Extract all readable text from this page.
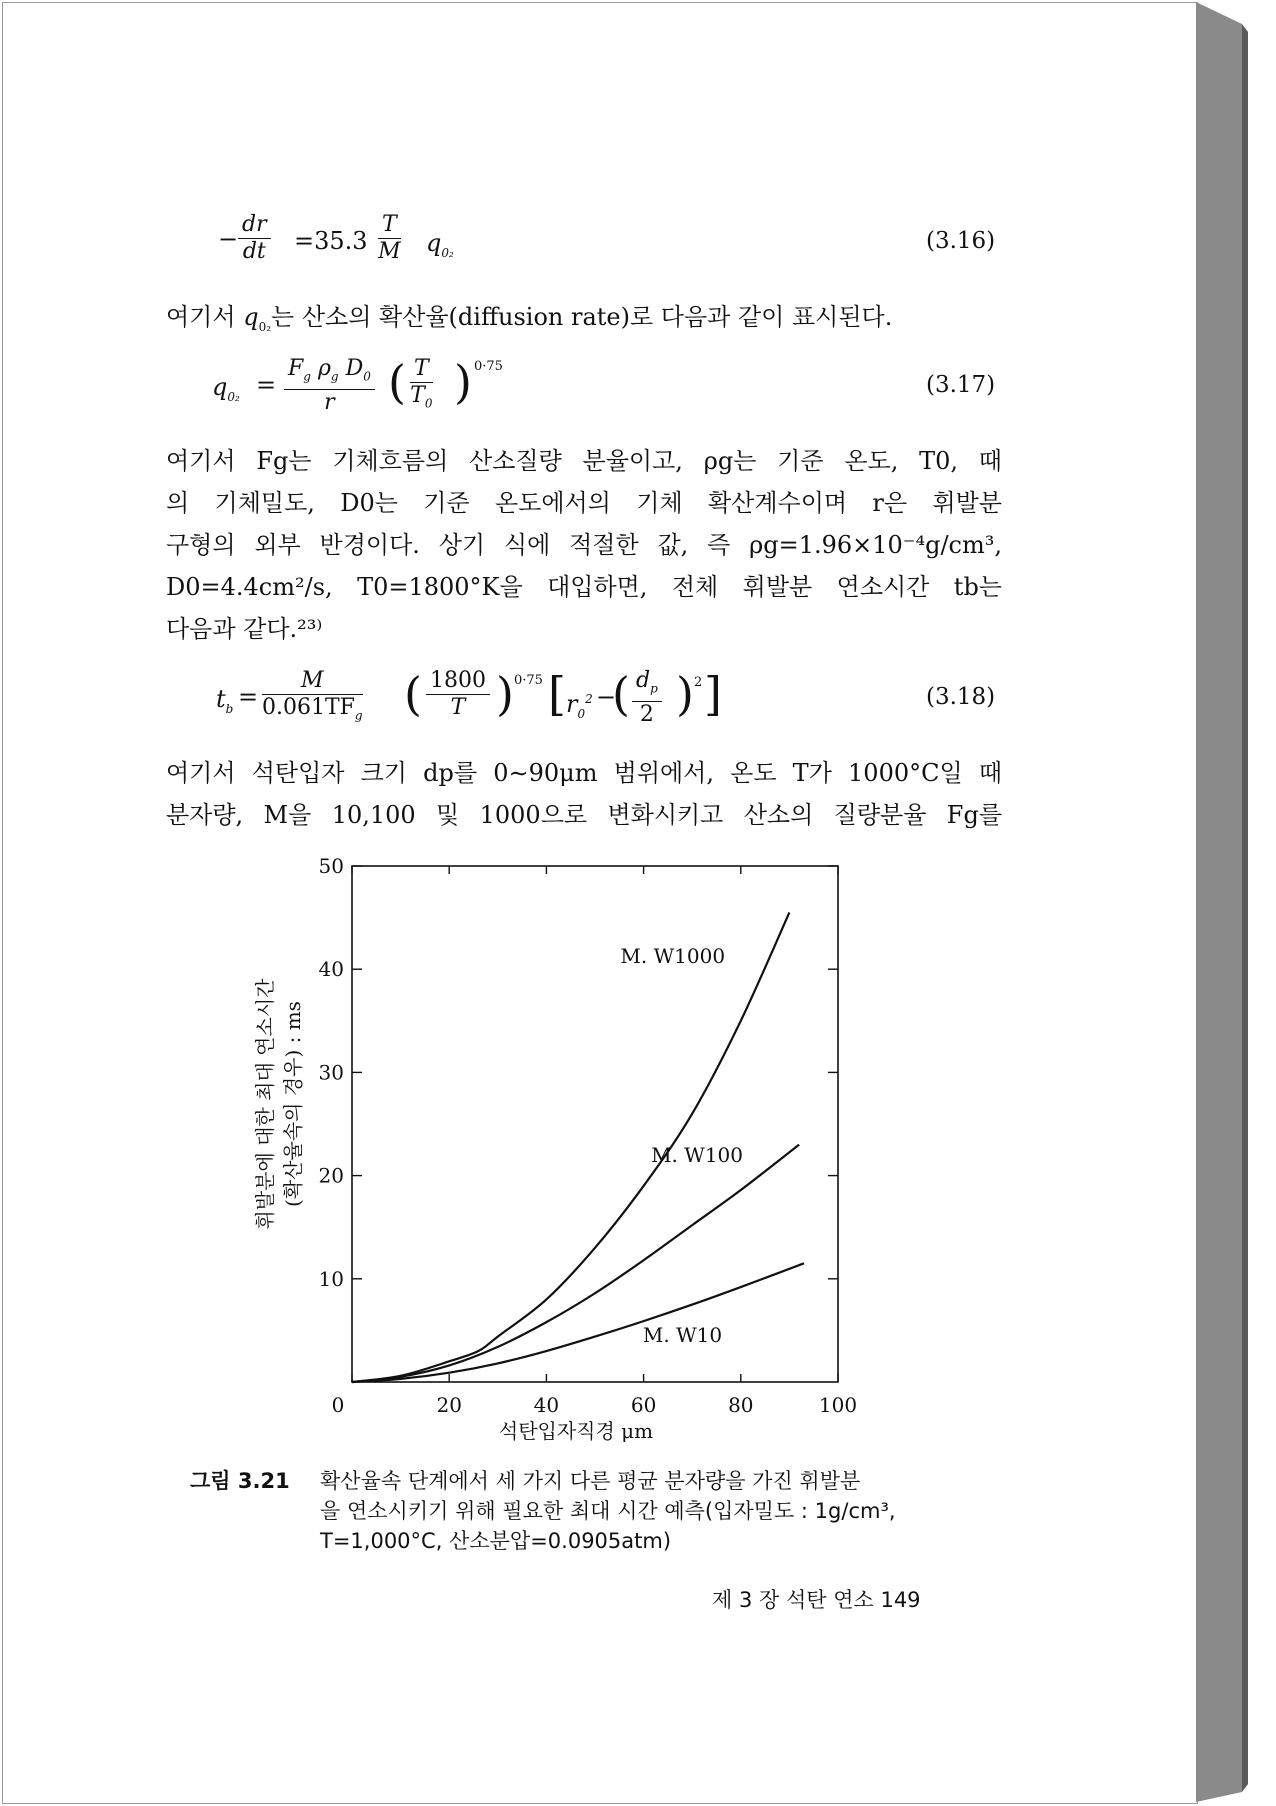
− $\frac{dr}{dt} =35.3 \frac{T}{M} q_{0_2}$	(3.16)
여기서 $q_{0_2}$는 산소의 확산율(diffusion rate)로 다음과 같이 표시된다.
$q_{0_2} = \frac{F_g \rho_g D_0}{r}$ ( $\frac{T}{T_0}$ ) 0·75
(3.17)

여기서 Fg는 기체흐름의 산소질량 분율이고, ρg는 기준 온도, T0, 때

의 기체밀도, D0는 기준 온도에서의 기체 확산계수이며 r은 휘발분

구형의 외부 반경이다. 상기 식에 적절한 값, 즉 ρg=1.96×10⁻⁴g/cm³,

D0=4.4cm²/s, T0=1800°K을 대입하면, 전체 휘발분 연소시간 tb는

다음과 같다.²³⁾

$t_b$ =
M
$0.061TF_g$ ( $\frac{1800}{T}$ ) 0·75 [ $r_0^2$ −
( $\frac{d_p}{2}$ ) 2 ]	(3.18)

여기서 석탄입자 크기 dp를 0∼90μm 범위에서, 온도 T가 1000°C일 때

분자량, M을 10,100 및 1000으로 변화시키고 산소의 질량분율 Fg를

0	20	40	60	80	100
10
20
30
40
50
M. W1000
M. W100
M. W10
석탄입자직경 μm
휘발분에 대한 최대 연소시간 (확산율속의 경우) : ms
그림 3.21 확산율속 단계에서 세 가지 다른 평균 분자량을 가진 휘발분
을 연소시키기 위해 필요한 최대 시간 예측(입자밀도 : 1g/cm³,
T=1,000°C, 산소분압=0.0905atm)
제 3 장 석탄 연소 149
